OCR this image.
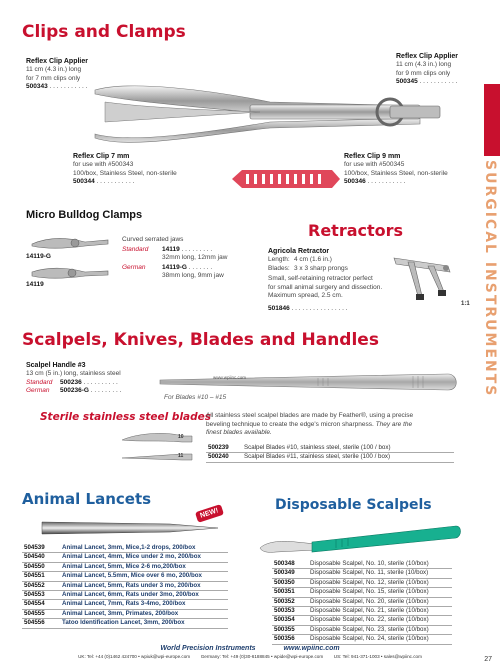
SURGICAL INSTRUMENTS
Clips and Clamps
Reflex Clip Applier
11 cm (4.3 in.) long
for 7 mm clips only
500343 . . . . . . . . . . .
Reflex Clip Applier
11 cm (4.3 in.) long
for 9 mm clips only
500345 . . . . . . . . . . .
Reflex Clip 7 mm
for use with #500343
100/box, Stainless Steel, non-sterile
500344 . . . . . . . . . . .
Reflex Clip 9 mm
for use with #500345
100/box, Stainless Steel, non-sterile
500346 . . . . . . . . . . .
Micro Bulldog Clamps
14119-G
14119
Curved serrated jaws
Standard 14119 . . . . . . . . .
32mm long, 12mm jaw
German	14119-G . . . . . . .
38mm long, 9mm jaw
Retractors
Agricola Retractor
Length: 4 cm (1.6 in.)
Blades: 3 x 3 sharp prongs
Small, self-retaining retractor perfect
for small animal surgery and dissection.
Maximum spread, 2.5 cm.
501846 . . . . . . . . . . . . . . . .
1:1
Scalpels, Knives, Blades and Handles
Scalpel Handle #3
13 cm (5 in.) long, stainless steel
Standard 500236 . . . . . . . . . .
German 500236-G . . . . . . . . .
www.wpiinc.com
For Blades #10 – #15
Sterile stainless steel blades
All stainless steel scalpel blades are made by Feather®, using a precise
beveling technique to create the edge's micron sharpness. They are the
finest blades available.
10
11
500239	Scalpel Blades #10, stainless steel, sterile (100 / box)
500240	Scalpel Blades #11, stainless steel, sterile (100 / box)
Animal Lancets
NEW!
504539	Animal Lancet, 3mm, Mice,1-2 drops, 200/box
504540	Animal Lancet, 4mm, Mice under 2 mo, 200/box
504550	Animal Lancet, 5mm, Mice 2-6 mo,200/box
504551	Animal Lancet, 5.5mm, Mice over 6 mo, 200/box
504552	Animal Lancet, 5mm, Rats under 3 mo, 200/box
504553	Animal Lancet, 6mm, Rats under 3mo, 200/box
504554	Animal Lancet, 7mm, Rats 3-4mo, 200/box
504555	Animal Lancet, 3mm, Primates, 200/box
504556	Tatoo Identification Lancet, 3mm, 200/box
Disposable Scalpels
500348	Disposable Scalpel, No. 10, sterile (10/box)
500349	Disposable Scalpel, No. 11, sterile (10/box)
500350	Disposable Scalpel, No. 12, sterile (10/box)
500351	Disposable Scalpel, No. 15, sterile (10/box)
500352	Disposable Scalpel, No. 20, sterile (10/box)
500353	Disposable Scalpel, No. 21, sterile (10/box)
500354	Disposable Scalpel, No. 22, sterile (10/box)
500355	Disposable Scalpel, No. 23, sterile (10/box)
500356	Disposable Scalpel, No. 24, sterile (10/box)
World Precision Instruments	www.wpiinc.com
UK: Tel: +44 (0)1462 424700 • wpiuk@wpi-europe.com Germany: Tel: +49 (0)30-6188845 • wpide@wpi-europe.com US: Tel: 941-371-1003 • sales@wpiinc.com	27
